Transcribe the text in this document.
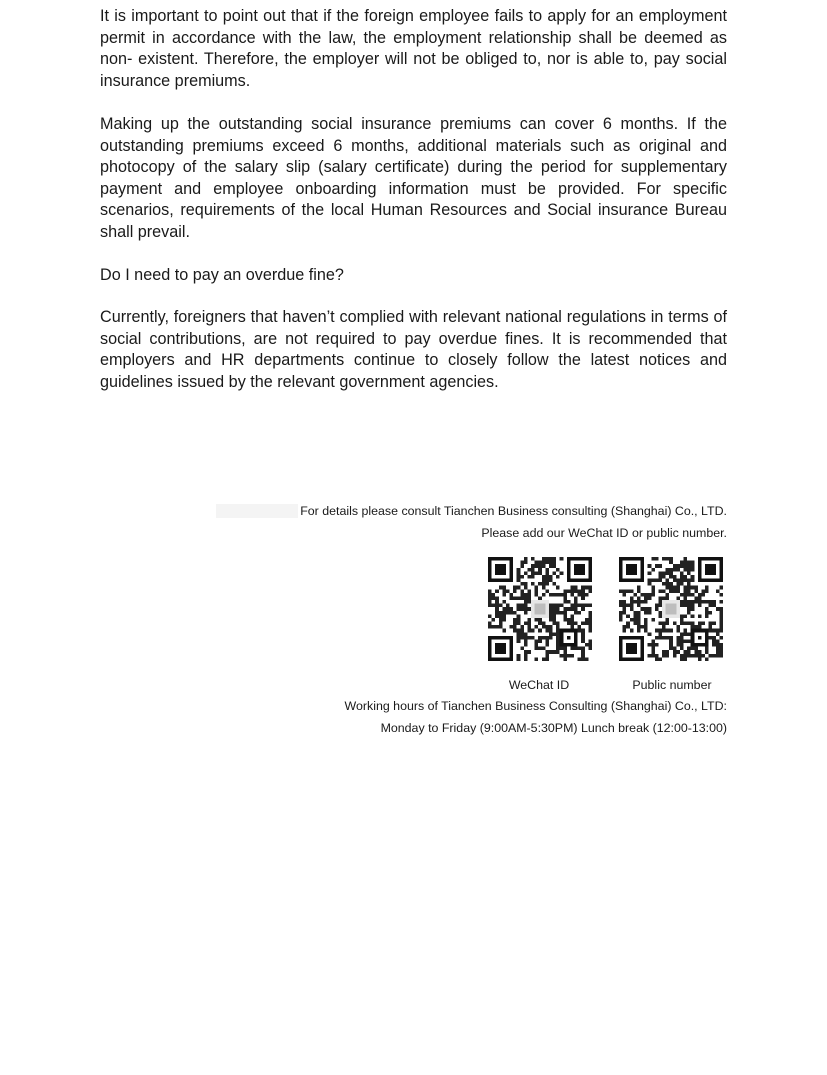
It is important to point out that if the foreign employee fails to apply for an employment permit in accordance with the law, the employment relationship shall be deemed as non- existent. Therefore, the employer will not be obliged to, nor is able to, pay social insurance premiums.

Making up the outstanding social insurance premiums can cover 6 months. If the outstanding premiums exceed 6 months, additional materials such as original and photocopy of the salary slip (salary certificate) during the period for supplementary payment and employee onboarding information must be provided. For specific scenarios, requirements of the local Human Resources and Social insurance Bureau shall prevail.

Do I need to pay an overdue fine?

Currently, foreigners that haven’t complied with relevant national regulations in terms of social contributions, are not required to pay overdue fines. It is recommended that employers and HR departments continue to closely follow the latest notices and guidelines issued by the relevant government agencies.

For details please consult Tianchen Business consulting (Shanghai) Co., LTD.
Please add our WeChat ID or public number.
WeChat ID	Public number
Working hours of Tianchen Business Consulting (Shanghai) Co., LTD:
Monday to Friday (9:00AM-5:30PM) Lunch break (12:00-13:00)
